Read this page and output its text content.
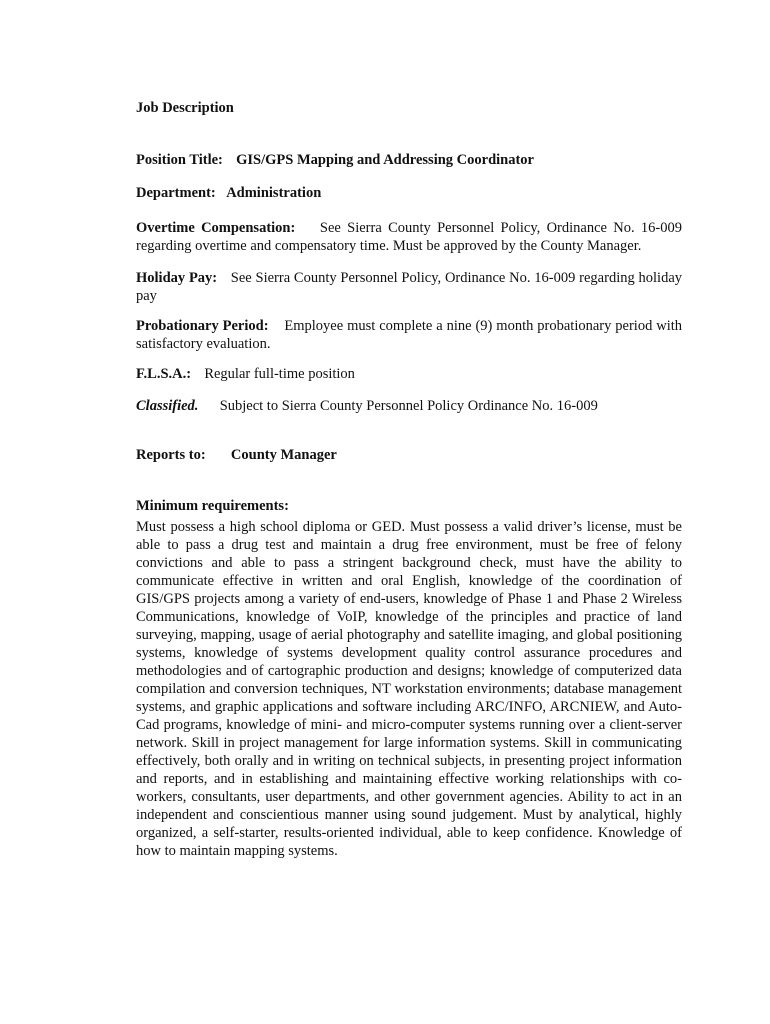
Job Description
Position Title: GIS/GPS Mapping and Addressing Coordinator
Department: Administration
Overtime Compensation: See Sierra County Personnel Policy, Ordinance No. 16-009 regarding overtime and compensatory time. Must be approved by the County Manager.
Holiday Pay: See Sierra County Personnel Policy, Ordinance No. 16-009 regarding holiday pay
Probationary Period: Employee must complete a nine (9) month probationary period with satisfactory evaluation.
F.L.S.A.: Regular full-time position
Classified. Subject to Sierra County Personnel Policy Ordinance No. 16-009
Reports to: County Manager
Minimum requirements:
Must possess a high school diploma or GED. Must possess a valid driver’s license, must be able to pass a drug test and maintain a drug free environment, must be free of felony convictions and able to pass a stringent background check, must have the ability to communicate effective in written and oral English, knowledge of the coordination of GIS/GPS projects among a variety of end-users, knowledge of Phase 1 and Phase 2 Wireless Communications, knowledge of VoIP, knowledge of the principles and practice of land surveying, mapping, usage of aerial photography and satellite imaging, and global positioning systems, knowledge of systems development quality control assurance procedures and methodologies and of cartographic production and designs; knowledge of computerized data compilation and conversion techniques, NT workstation environments; database management systems, and graphic applications and software including ARC/INFO, ARCNIEW, and Auto-Cad programs, knowledge of mini- and micro-computer systems running over a client-server network. Skill in project management for large information systems. Skill in communicating effectively, both orally and in writing on technical subjects, in presenting project information and reports, and in establishing and maintaining effective working relationships with co-workers, consultants, user departments, and other government agencies. Ability to act in an independent and conscientious manner using sound judgement. Must by analytical, highly organized, a self-starter, results-oriented individual, able to keep confidence. Knowledge of how to maintain mapping systems.
